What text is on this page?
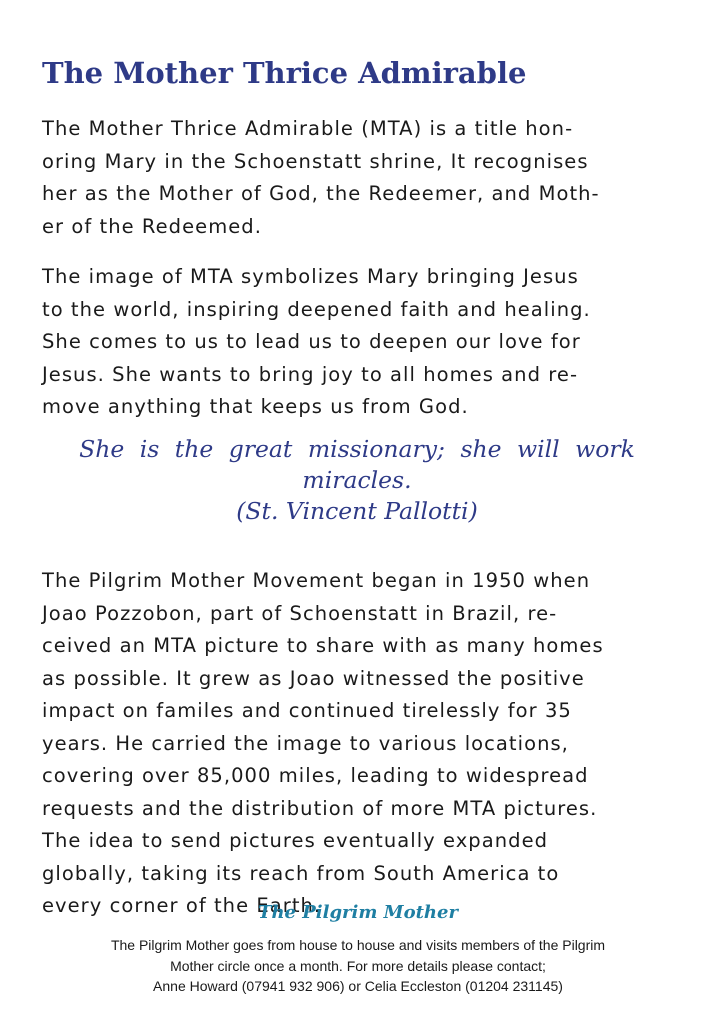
The Mother Thrice Admirable
The Mother Thrice Admirable (MTA) is a title hon-
oring Mary in the Schoenstatt shrine, It recognises
her as the Mother of God, the Redeemer, and Moth-
er of the Redeemed.
The image of MTA symbolizes Mary bringing Jesus
to the world, inspiring deepened faith and healing.
She comes to us to lead us to deepen our love for
Jesus. She wants to bring joy to all homes and re-
move anything that keeps us from God.
She is the great missionary; she will work
miracles.
(St. Vincent Pallotti)
The Pilgrim Mother Movement began in 1950 when
Joao Pozzobon, part of Schoenstatt in Brazil, re-
ceived an MTA picture to share with as many homes
as possible. It grew as Joao witnessed the positive
impact on familes and continued tirelessly for 35
years. He carried the image to various locations,
covering over 85,000 miles, leading to widespread
requests and the distribution of more MTA pictures.
The idea to send pictures eventually expanded
globally, taking its reach from South America to
every corner of the Earth.
The Pilgrim Mother
The Pilgrim Mother goes from house to house and visits members of the Pilgrim
Mother circle once a month. For more details please contact;
Anne Howard (07941 932 906) or Celia Eccleston (01204 231145)
